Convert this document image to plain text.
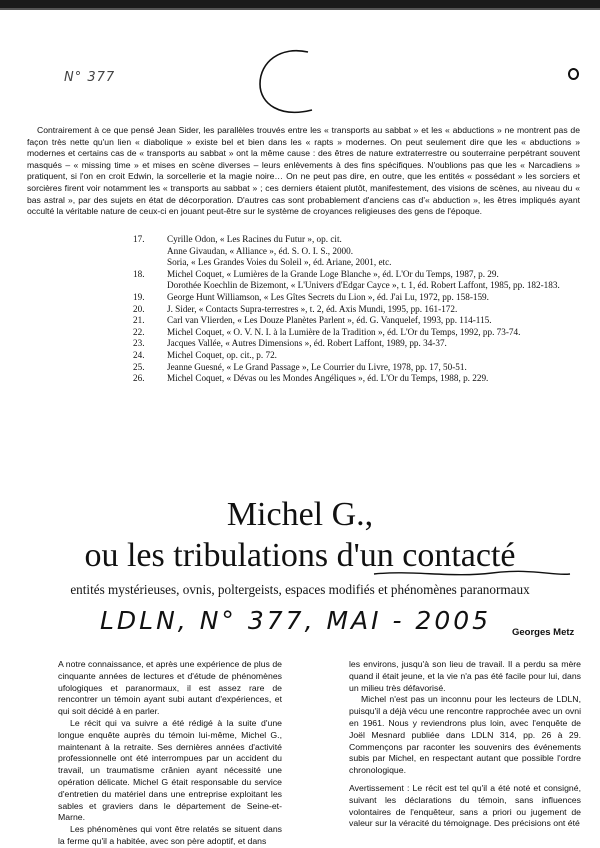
N° 377

Contrairement à ce que pensé Jean Sider, les parallèles trouvés entre les « transports au sabbat » et les « abductions » ne montrent pas de façon très nette qu'un lien « diabolique » existe bel et bien dans les « rapts » modernes. On peut seulement dire que les « abductions » modernes et certains cas de « transports au sabbat » ont la même cause : des êtres de nature extraterrestre ou souterraine perpétrant souvent masqués – « missing time » et mises en scène diverses – leurs enlèvements à des fins spécifiques. N'oublions pas que les « Narcadiens » pratiquent, si l'on en croit Edwin, la sorcellerie et la magie noire… On ne peut pas dire, en outre, que les entités « possédant » les sorciers et sorcières firent voir notamment les « transports au sabbat » ; ces derniers étaient plutôt, manifestement, des visions de scènes, au niveau du « bas astral », par des sujets en état de décorporation. D'autres cas sont probablement d'anciens cas d'« abduction », les êtres impliqués ayant occulté la véritable nature de ceux-ci en jouant peut-être sur le système de croyances religieuses des gens de l'époque.

17. Cyrille Odon, « Les Racines du Futur », op. cit.
Anne Givaudan, « Alliance », éd. S. O. I. S., 2000.
Soria, « Les Grandes Voies du Soleil », éd. Ariane, 2001, etc.
18. Michel Coquet, « Lumières de la Grande Loge Blanche », éd. L'Or du Temps, 1987, p. 29.
Dorothée Koechlin de Bizemont, « L'Univers d'Edgar Cayce », t. 1, éd. Robert Laffont, 1985, pp. 182-183.
19. George Hunt Williamson, « Les Gîtes Secrets du Lion », éd. J'ai Lu, 1972, pp. 158-159.
20. J. Sider, « Contacts Supra-terrestres », t. 2, éd. Axis Mundi, 1995, pp. 161-172.
21. Carl van Vlierden, « Les Douze Planètes Parlent », éd. G. Vanquelef, 1993, pp. 114-115.
22. Michel Coquet, « O. V. N. I. à la Lumière de la Tradition », éd. L'Or du Temps, 1992, pp. 73-74.
23. Jacques Vallée, « Autres Dimensions », éd. Robert Laffont, 1989, pp. 34-37.
24. Michel Coquet, op. cit., p. 72.
25. Jeanne Guesné, « Le Grand Passage », Le Courrier du Livre, 1978, pp. 17, 50-51.
26. Michel Coquet, « Dévas ou les Mondes Angéliques », éd. L'Or du Temps, 1988, p. 229.
Michel G.,
ou les tribulations d'un contacté
entités mystérieuses, ovnis, poltergeists, espaces modifiés et phénomènes paranormaux
LDLN, N° 377, MAI - 2005 Georges Metz

A notre connaissance, et après une expérience de plus de cinquante années de lectures et d'étude de phénomènes ufologiques et paranormaux, il est assez rare de rencontrer un témoin ayant subi autant d'expériences, et qui soit décidé à en parler.

Le récit qui va suivre a été rédigé à la suite d'une longue enquête auprès du témoin lui-même, Michel G., maintenant à la retraite. Ses dernières années d'activité professionnelle ont été interrompues par un accident du travail, un traumatisme crânien ayant nécessité une opération délicate. Michel G était responsable du service d'entretien du matériel dans une entreprise exploitant les sables et graviers dans le département de Seine-et-Marne.

Les phénomènes qui vont être relatés se situent dans la ferme qu'il a habitée, avec son père adoptif, et dans

les environs, jusqu'à son lieu de travail. Il a perdu sa mère quand il était jeune, et la vie n'a pas été facile pour lui, dans un milieu très défavorisé.

Michel n'est pas un inconnu pour les lecteurs de LDLN, puisqu'il a déjà vécu une rencontre rapprochée avec un ovni en 1961. Nous y reviendrons plus loin, avec l'enquête de Joël Mesnard publiée dans LDLN 314, pp. 26 à 29. Commençons par raconter les souvenirs des événements subis par Michel, en respectant autant que possible l'ordre chronologique.

Avertissement : Le récit est tel qu'il a été noté et consigné, suivant les déclarations du témoin, sans influences volontaires de l'enquêteur, sans a priori ou jugement de valeur sur la véracité du témoignage. Des précisions ont été
